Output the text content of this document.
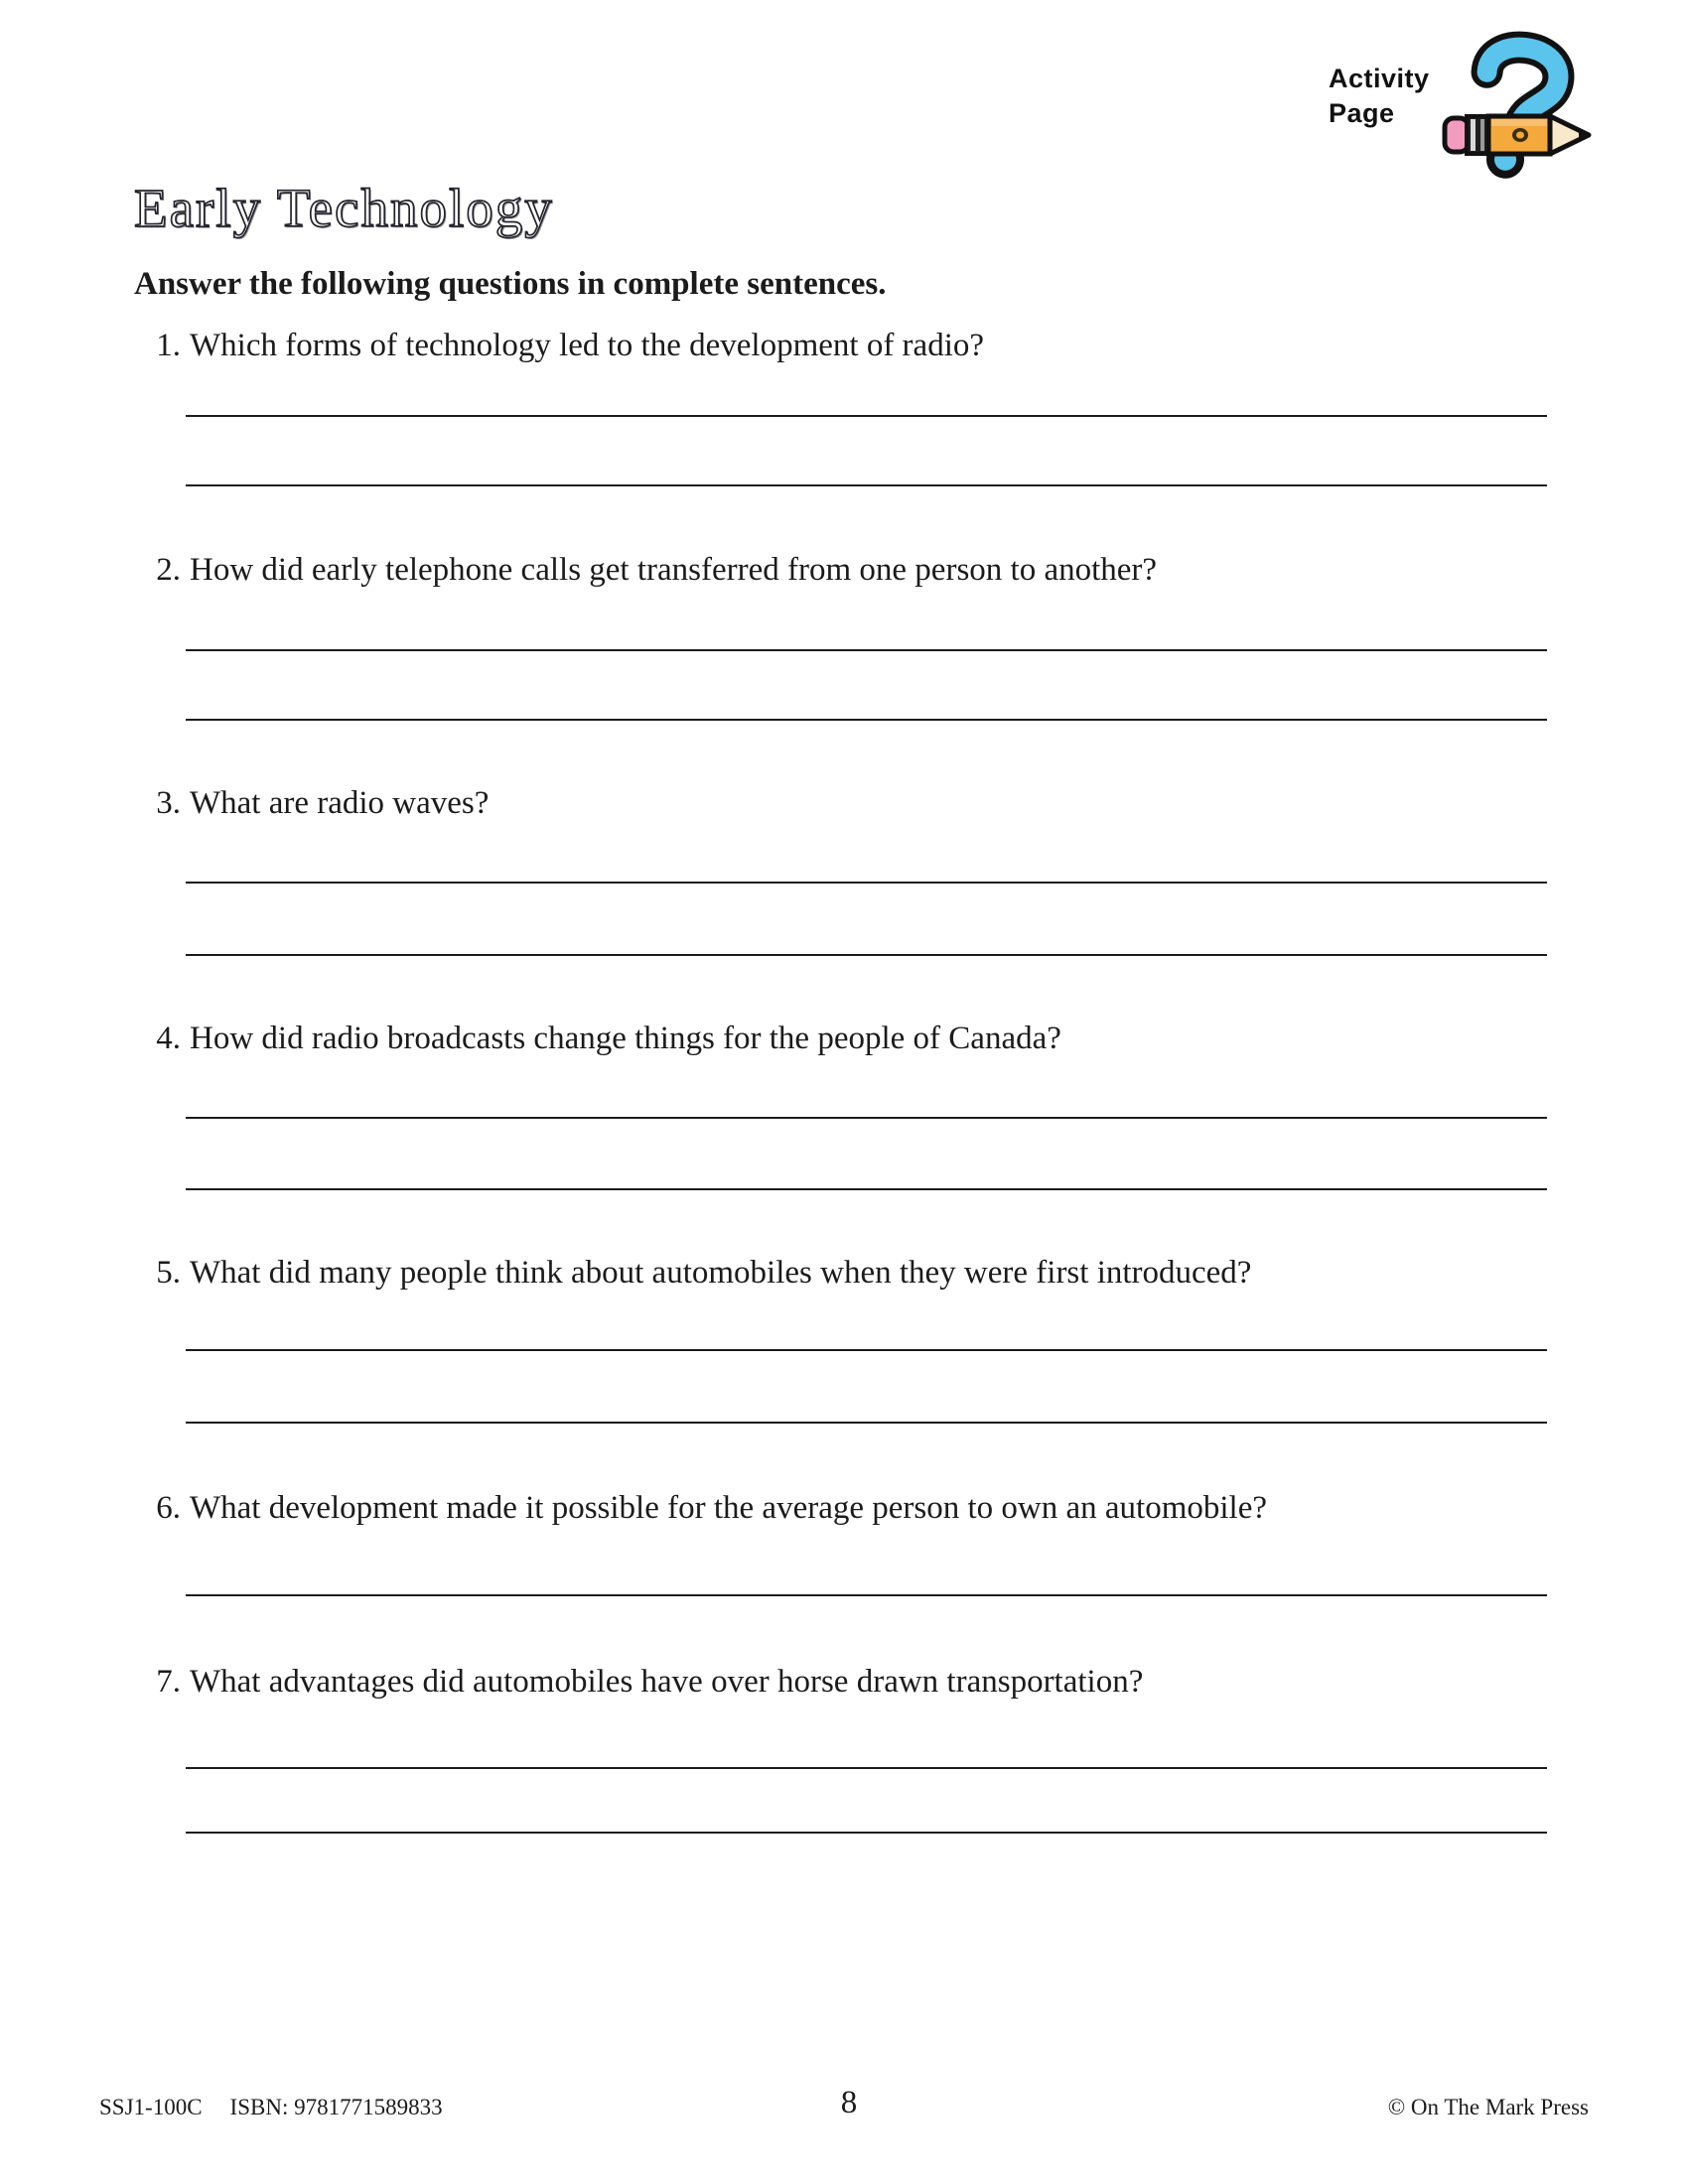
Activity
Page
Early Technology

Answer the following questions in complete sentences.

1. Which forms of technology led to the development of radio?
2. How did early telephone calls get transferred from one person to another?
3. What are radio waves?
4. How did radio broadcasts change things for the people of Canada?
5. What did many people think about automobiles when they were first introduced?
6. What development made it possible for the average person to own an automobile?
7. What advantages did automobiles have over horse drawn transportation?
SSJ1-100C ISBN: 9781771589833	8	© On The Mark Press
